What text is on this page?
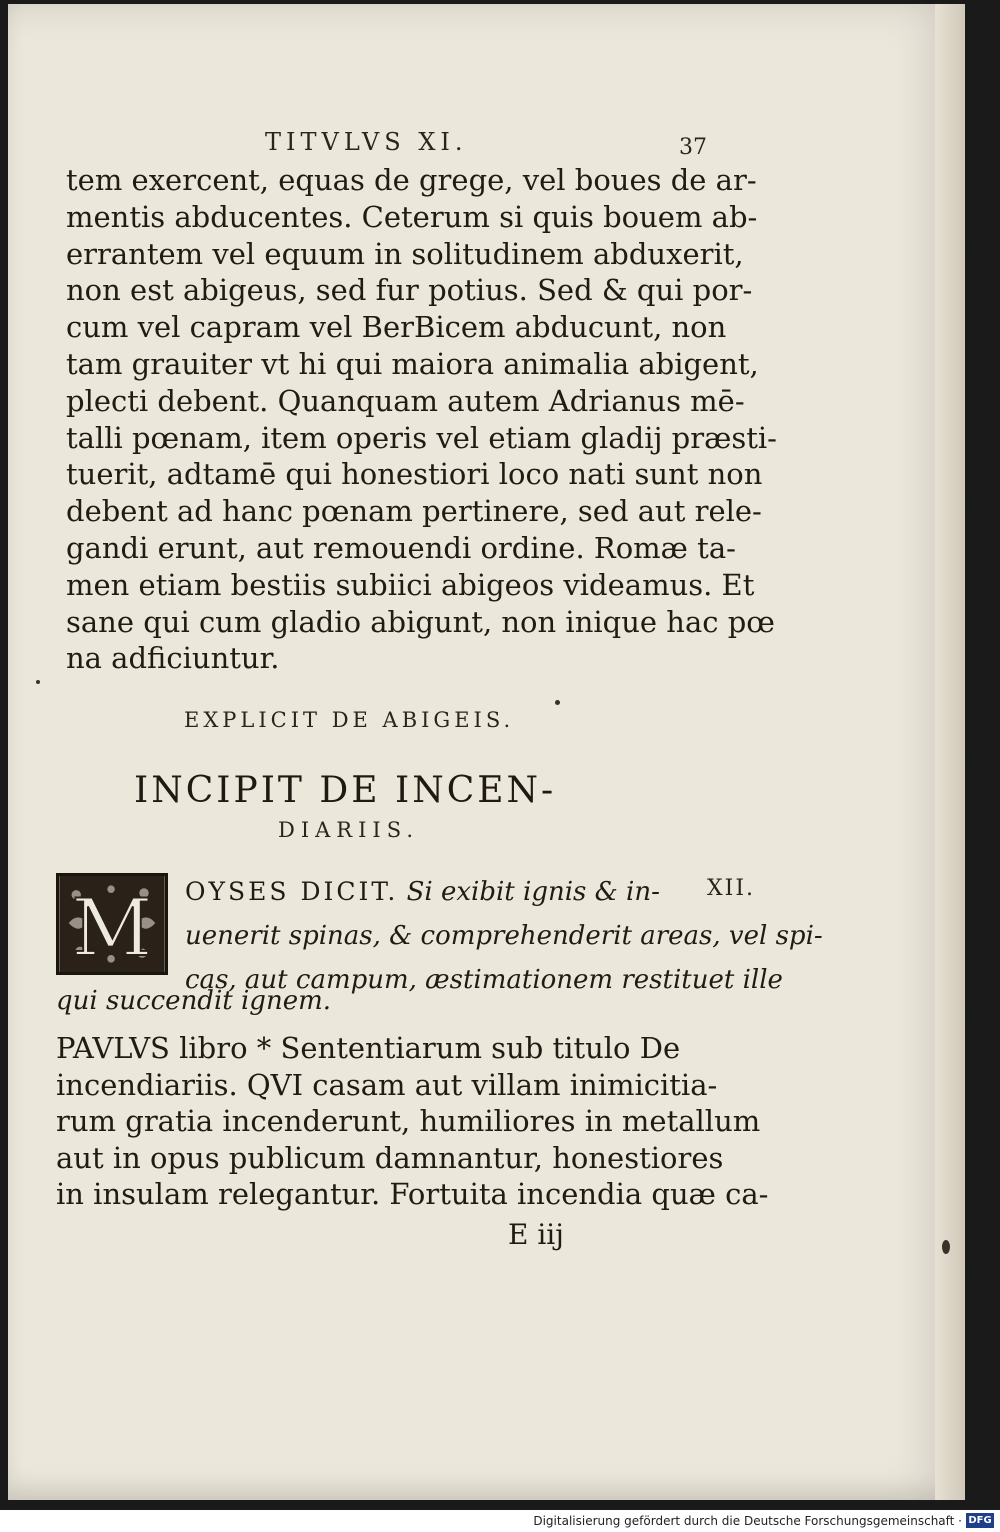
TITVLVS XI.	37
tem exercent, equas de grege, vel boues de ar-
mentis abducentes. Ceterum si quis bouem ab-
errantem vel equum in solitudinem abduxerit,
non est abigeus, sed fur potius. Sed & qui por-
cum vel capram vel BerBicem abducunt, non
tam grauiter vt hi qui maiora animalia abigent,
plecti debent. Quanquam autem Adrianus mē-
talli pœnam, item operis vel etiam gladij præsti-
tuerit, adtamē qui honestiori loco nati sunt non
debent ad hanc pœnam pertinere, sed aut rele-
gandi erunt, aut remouendi ordine. Romæ ta-
men etiam bestiis subiici abigeos videamus. Et
sane qui cum gladio abigunt, non inique hac pœ
na adficiuntur.
EXPLICIT DE ABIGEIS.
INCIPIT DE INCEN-
DIARIIS.
M OYSES DICIT. Si exibit ignis & in-
uenerit spinas, & comprehenderit areas, vel spi-
cas, aut campum, æstimationem restituet ille
qui succendit ignem.
XII.
PAVLVS libro * Sententiarum sub titulo De
incendiariis. QVI casam aut villam inimicitia-
rum gratia incenderunt, humiliores in metallum
aut in opus publicum damnantur, honestiores
in insulam relegantur. Fortuita incendia quæ ca-
E iij
Digitalisierung gefördert durch die Deutsche Forschungsgemeinschaft · DFG
